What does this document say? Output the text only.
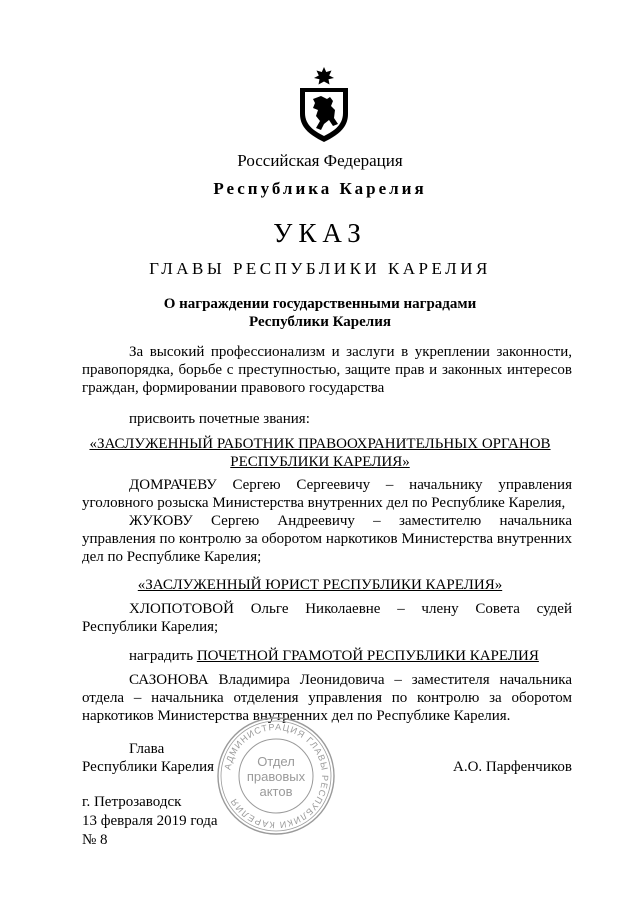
Российская Федерация
Республика Карелия
УКАЗ
ГЛАВЫ РЕСПУБЛИКИ КАРЕЛИЯ
О награждении государственными наградами
Республики Карелия
За высокий профессионализм и заслуги в укреплении законности, правопорядка, борьбе с преступностью, защите прав и законных интересов граждан, формировании правового государства
присвоить почетные звания:
«ЗАСЛУЖЕННЫЙ РАБОТНИК ПРАВООХРАНИТЕЛЬНЫХ ОРГАНОВ
РЕСПУБЛИКИ КАРЕЛИЯ»
ДОМРАЧЕВУ Сергею Сергеевичу – начальнику управления уголовного розыска Министерства внутренних дел по Республике Карелия,
ЖУКОВУ Сергею Андреевичу – заместителю начальника управления по контролю за оборотом наркотиков Министерства внутренних дел по Республике Карелия;
«ЗАСЛУЖЕННЫЙ ЮРИСТ РЕСПУБЛИКИ КАРЕЛИЯ»
ХЛОПОТОВОЙ Ольге Николаевне – члену Совета судей Республики Карелия;
наградить ПОЧЕТНОЙ ГРАМОТОЙ РЕСПУБЛИКИ КАРЕЛИЯ
САЗОНОВА Владимира Леонидовича – заместителя начальника отдела – начальника отделения управления по контролю за оборотом наркотиков Министерства внутренних дел по Республике Карелия.
Глава
Республики Карелия	А.О. Парфенчиков
АДМИНИСТРАЦИЯ ГЛАВЫ РЕСПУБЛИКИ КАРЕЛИЯ
Отдел
правовых
актов
г. Петрозаводск
13 февраля 2019 года
№ 8
